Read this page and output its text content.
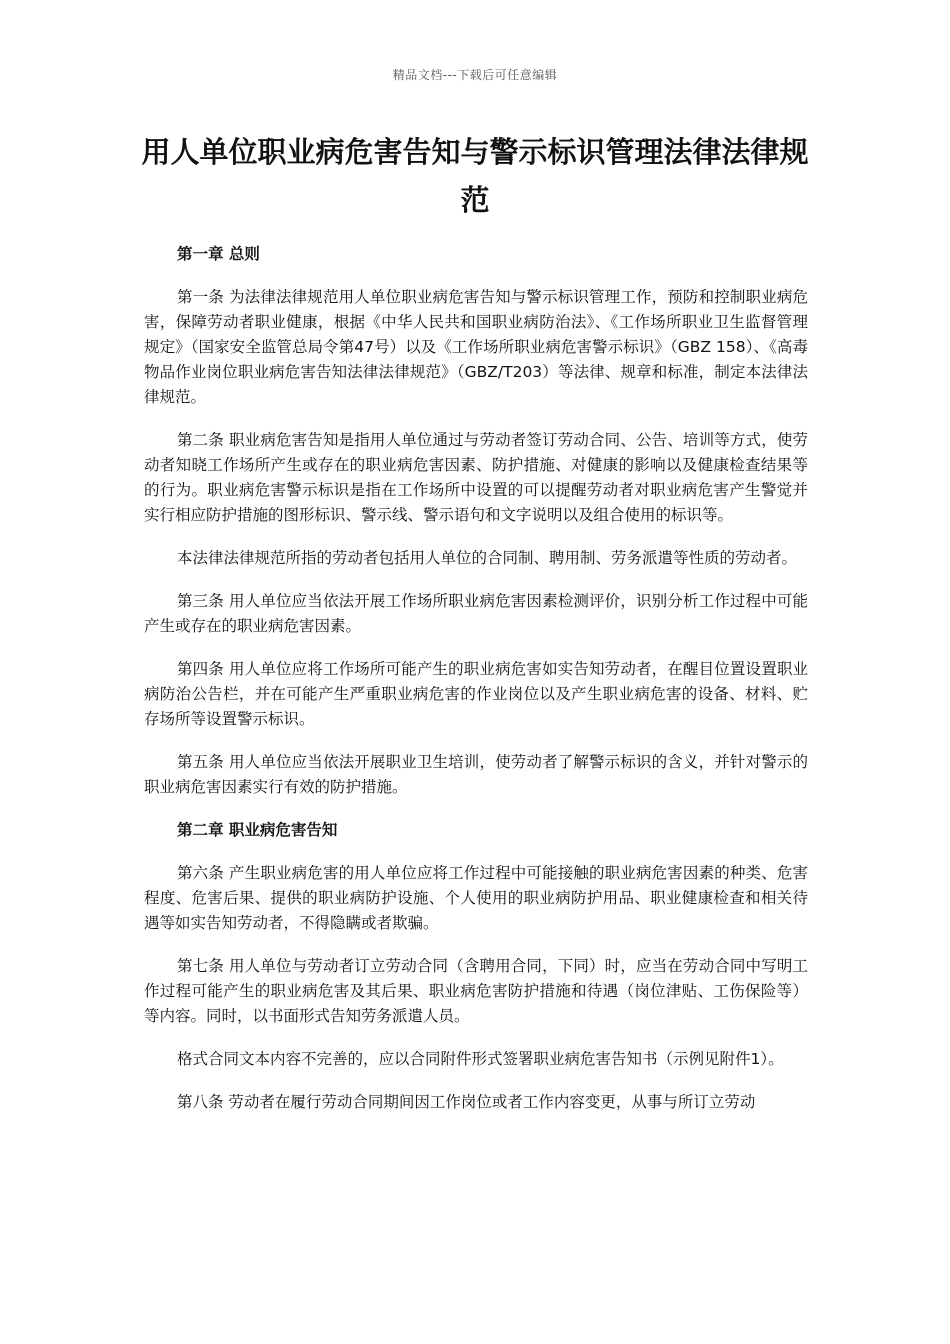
精品文档---下载后可任意编辑
用人单位职业病危害告知与警示标识管理法律法律规范

第一章 总则

第一条 为法律法律规范用人单位职业病危害告知与警示标识管理工作，预防和控制职业病危害，保障劳动者职业健康，根据《中华人民共和国职业病防治法》、《工作场所职业卫生监督管理规定》（国家安全监管总局令第47号）以及《工作场所职业病危害警示标识》（GBZ 158）、《高毒物品作业岗位职业病危害告知法律法律规范》（GBZ/T203）等法律、规章和标准，制定本法律法律规范。

第二条 职业病危害告知是指用人单位通过与劳动者签订劳动合同、公告、培训等方式，使劳动者知晓工作场所产生或存在的职业病危害因素、防护措施、对健康的影响以及健康检查结果等的行为。职业病危害警示标识是指在工作场所中设置的可以提醒劳动者对职业病危害产生警觉并实行相应防护措施的图形标识、警示线、警示语句和文字说明以及组合使用的标识等。

本法律法律规范所指的劳动者包括用人单位的合同制、聘用制、劳务派遣等性质的劳动者。

第三条 用人单位应当依法开展工作场所职业病危害因素检测评价，识别分析工作过程中可能产生或存在的职业病危害因素。

第四条 用人单位应将工作场所可能产生的职业病危害如实告知劳动者，在醒目位置设置职业病防治公告栏，并在可能产生严重职业病危害的作业岗位以及产生职业病危害的设备、材料、贮存场所等设置警示标识。

第五条 用人单位应当依法开展职业卫生培训，使劳动者了解警示标识的含义，并针对警示的职业病危害因素实行有效的防护措施。

第二章 职业病危害告知

第六条 产生职业病危害的用人单位应将工作过程中可能接触的职业病危害因素的种类、危害程度、危害后果、提供的职业病防护设施、个人使用的职业病防护用品、职业健康检查和相关待遇等如实告知劳动者，不得隐瞒或者欺骗。

第七条 用人单位与劳动者订立劳动合同（含聘用合同，下同）时，应当在劳动合同中写明工作过程可能产生的职业病危害及其后果、职业病危害防护措施和待遇（岗位津贴、工伤保险等）等内容。同时，以书面形式告知劳务派遣人员。

格式合同文本内容不完善的，应以合同附件形式签署职业病危害告知书（示例见附件1）。

第八条 劳动者在履行劳动合同期间因工作岗位或者工作内容变更，从事与所订立劳动
